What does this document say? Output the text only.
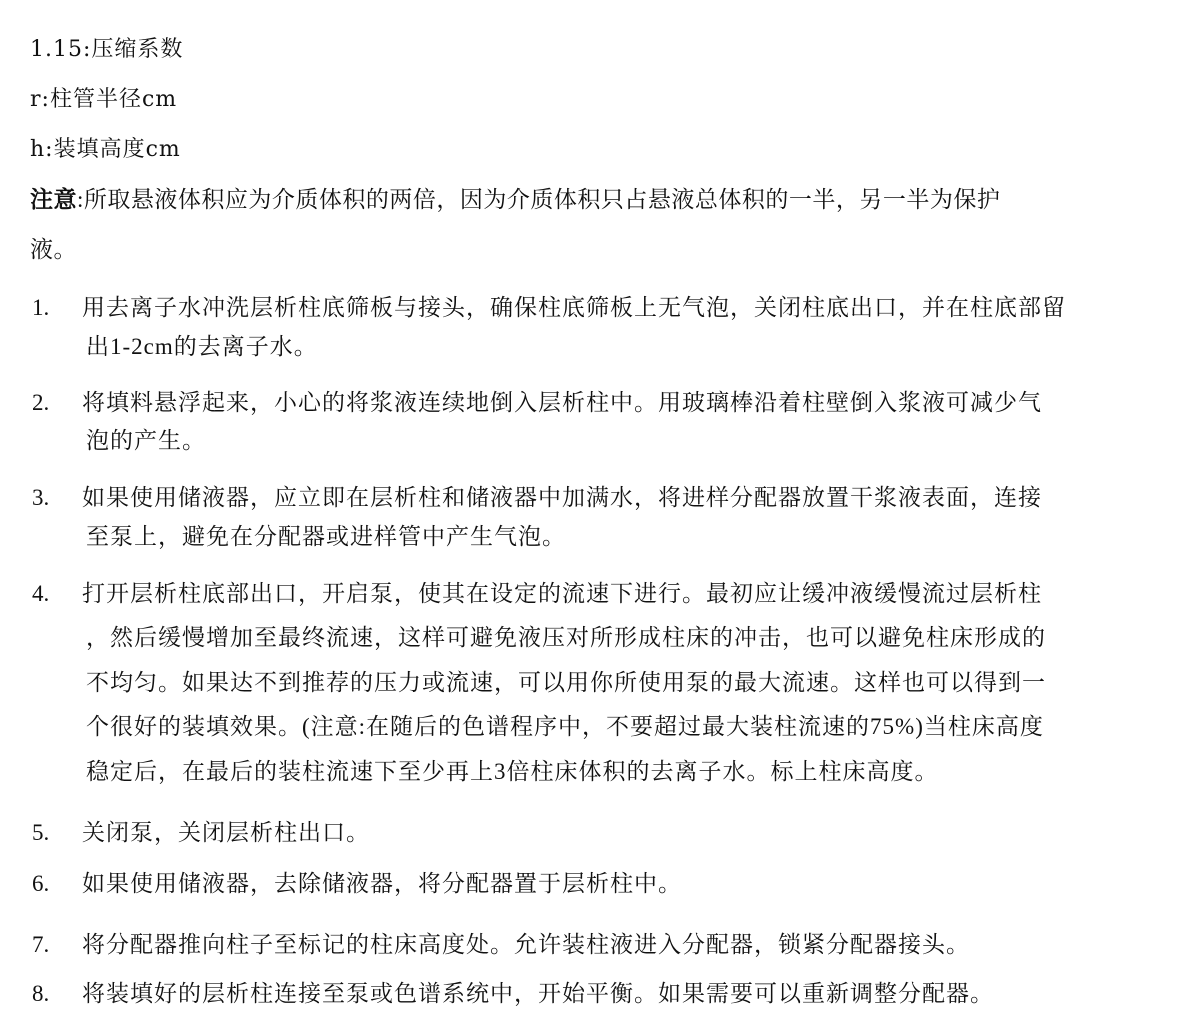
1.15:压缩系数
r:柱管半径cm
h:装填高度cm
注意:所取悬液体积应为介质体积的两倍，因为介质体积只占悬液总体积的一半，另一半为保护
液。
1. 用去离子水冲洗层析柱底筛板与接头，确保柱底筛板上无气泡，关闭柱底出口，并在柱底部留
出1-2cm的去离子水。
2. 将填料悬浮起来，小心的将浆液连续地倒入层析柱中。用玻璃棒沿着柱壁倒入浆液可减少气
泡的产生。
3. 如果使用储液器，应立即在层析柱和储液器中加满水，将进样分配器放置干浆液表面，连接
至泵上，避免在分配器或进样管中产生气泡。
4. 打开层析柱底部出口，开启泵，使其在设定的流速下进行。最初应让缓冲液缓慢流过层析柱
，然后缓慢增加至最终流速，这样可避免液压对所形成柱床的冲击，也可以避免柱床形成的
不均匀。如果达不到推荐的压力或流速，可以用你所使用泵的最大流速。这样也可以得到一
个很好的装填效果。(注意:在随后的色谱程序中，不要超过最大装柱流速的75%)当柱床高度
稳定后，在最后的装柱流速下至少再上3倍柱床体积的去离子水。标上柱床高度。
5. 关闭泵，关闭层析柱出口。
6. 如果使用储液器，去除储液器，将分配器置于层析柱中。
7. 将分配器推向柱子至标记的柱床高度处。允许装柱液进入分配器，锁紧分配器接头。
8. 将装填好的层析柱连接至泵或色谱系统中，开始平衡。如果需要可以重新调整分配器。
